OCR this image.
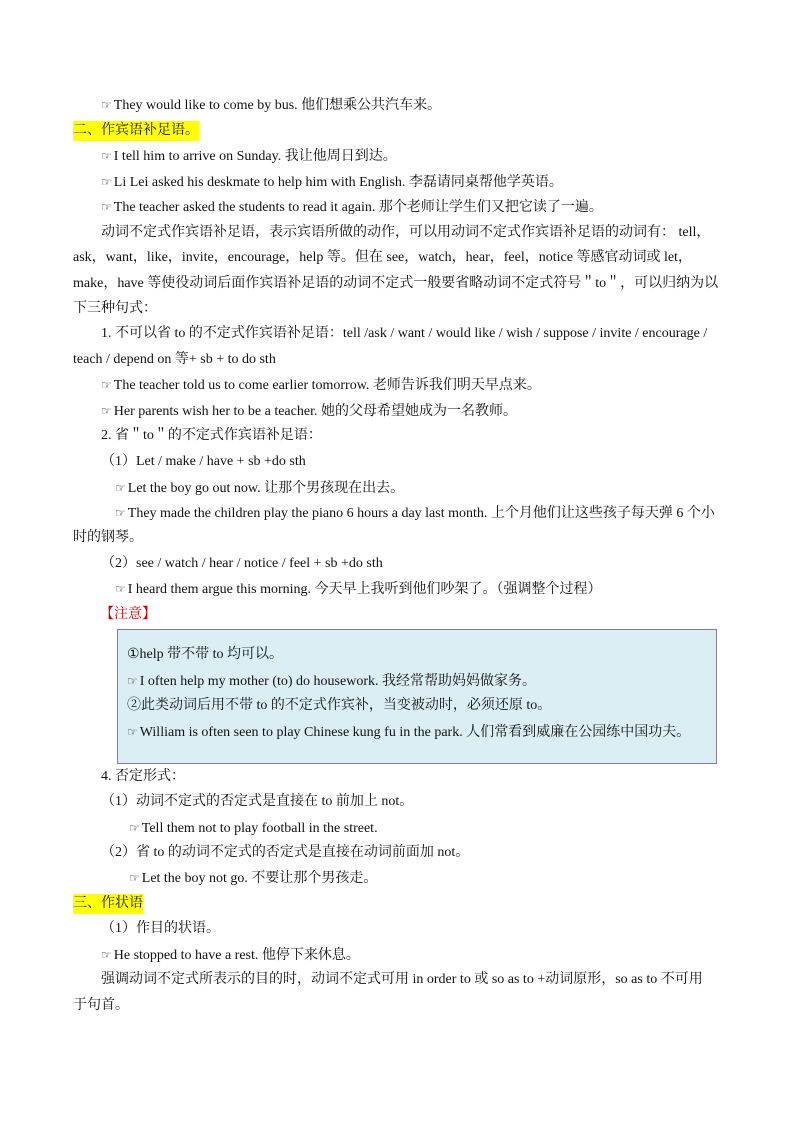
☞ They would like to come by bus. 他们想乘公共汽车来。
二、作宾语补足语。
☞ I tell him to arrive on Sunday. 我让他周日到达。
☞ Li Lei asked his deskmate to help him with English. 李磊请同桌帮他学英语。
☞ The teacher asked the students to read it again. 那个老师让学生们又把它读了一遍。
动词不定式作宾语补足语，表示宾语所做的动作，可以用动词不定式作宾语补足语的动词有： tell，
ask，want，like，invite，encourage，help 等。但在 see，watch，hear，feel，notice 等感官动词或 let，
make，have 等使役动词后面作宾语补足语的动词不定式一般要省略动词不定式符号＂to＂，可以归纳为以
下三种句式：
1. 不可以省 to 的不定式作宾语补足语：tell /ask / want / would like / wish / suppose / invite / encourage /
teach / depend on 等+ sb + to do sth
☞ The teacher told us to come earlier tomorrow. 老师告诉我们明天早点来。
☞ Her parents wish her to be a teacher. 她的父母希望她成为一名教师。
2. 省＂to＂的不定式作宾语补足语：
（1）Let / make / have + sb +do sth
☞ Let the boy go out now. 让那个男孩现在出去。
☞ They made the children play the piano 6 hours a day last month. 上个月他们让这些孩子每天弹 6 个小
时的钢琴。
（2）see / watch / hear / notice / feel + sb +do sth
☞ I heard them argue this morning. 今天早上我听到他们吵架了。（强调整个过程）
【注意】
①help 带不带 to 均可以。
☞ I often help my mother (to) do housework. 我经常帮助妈妈做家务。
②此类动词后用不带 to 的不定式作宾补，当变被动时，必须还原 to。
☞ William is often seen to play Chinese kung fu in the park. 人们常看到威廉在公园练中国功夫。
4. 否定形式：
（1）动词不定式的否定式是直接在 to 前加上 not。
☞ Tell them not to play football in the street.
（2）省 to 的动词不定式的否定式是直接在动词前面加 not。
☞ Let the boy not go. 不要让那个男孩走。
三、作状语
（1）作目的状语。
☞ He stopped to have a rest. 他停下来休息。
强调动词不定式所表示的目的时，动词不定式可用 in order to 或 so as to +动词原形，so as to 不可用
于句首。
